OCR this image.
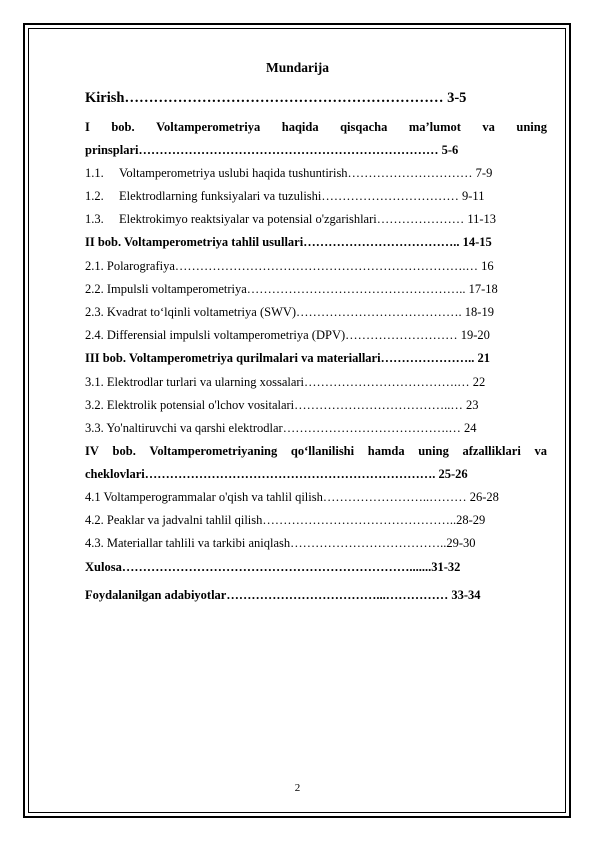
Mundarija
Kirish………………………………………………………… 3-5
I bob. Voltamperometriya haqida qisqacha ma’lumot va uning
prinsplari……………………………………………………………… 5-6
1.1. Voltamperometriya uslubi haqida tushuntirish………………………… 7-9
1.2. Elektrodlarning funksiyalari va tuzulishi…………………………… 9-11
1.3. Elektrokimyo reaktsiyalar va potensial o'zgarishlari………………… 11-13
II bob. Voltamperometriya tahlil usullari……………………………….. 14-15
2.1. Polarografiya…………………………………………………………….… 16
2.2. Impulsli voltamperometriya…………………………………………….. 17-18
2.3. Kvadrat to‘lqinli voltametriya (SWV)…………………………………. 18-19
2.4. Differensial impulsli voltamperometriya (DPV)……………………… 19-20
III bob. Voltamperometriya qurilmalari va materiallari………………….. 21
3.1. Elektrodlar turlari va ularning xossalari……………………………….… 22
3.2. Elektrolik potensial o'lchov vositalari………………………………..… 23
3.3. Yo'naltiruvchi va qarshi elektrodlar………………………………….… 24
IV bob. Voltamperometriyaning qo‘llanilishi hamda uning afzalliklari va
cheklovlari……………………………………………………………. 25-26
4.1 Voltamperogrammalar o'qish va tahlil qilish……………………..……… 26-28
4.2. Peaklar va jadvalni tahlil qilish………………………………………..28-29
4.3. Materiallar tahlili va tarkibi aniqlash………………………………..29-30
Xulosa…………………………………………………………….......31-32
Foydalanilgan adabiyotlar………………………………...…………… 33-34
2
